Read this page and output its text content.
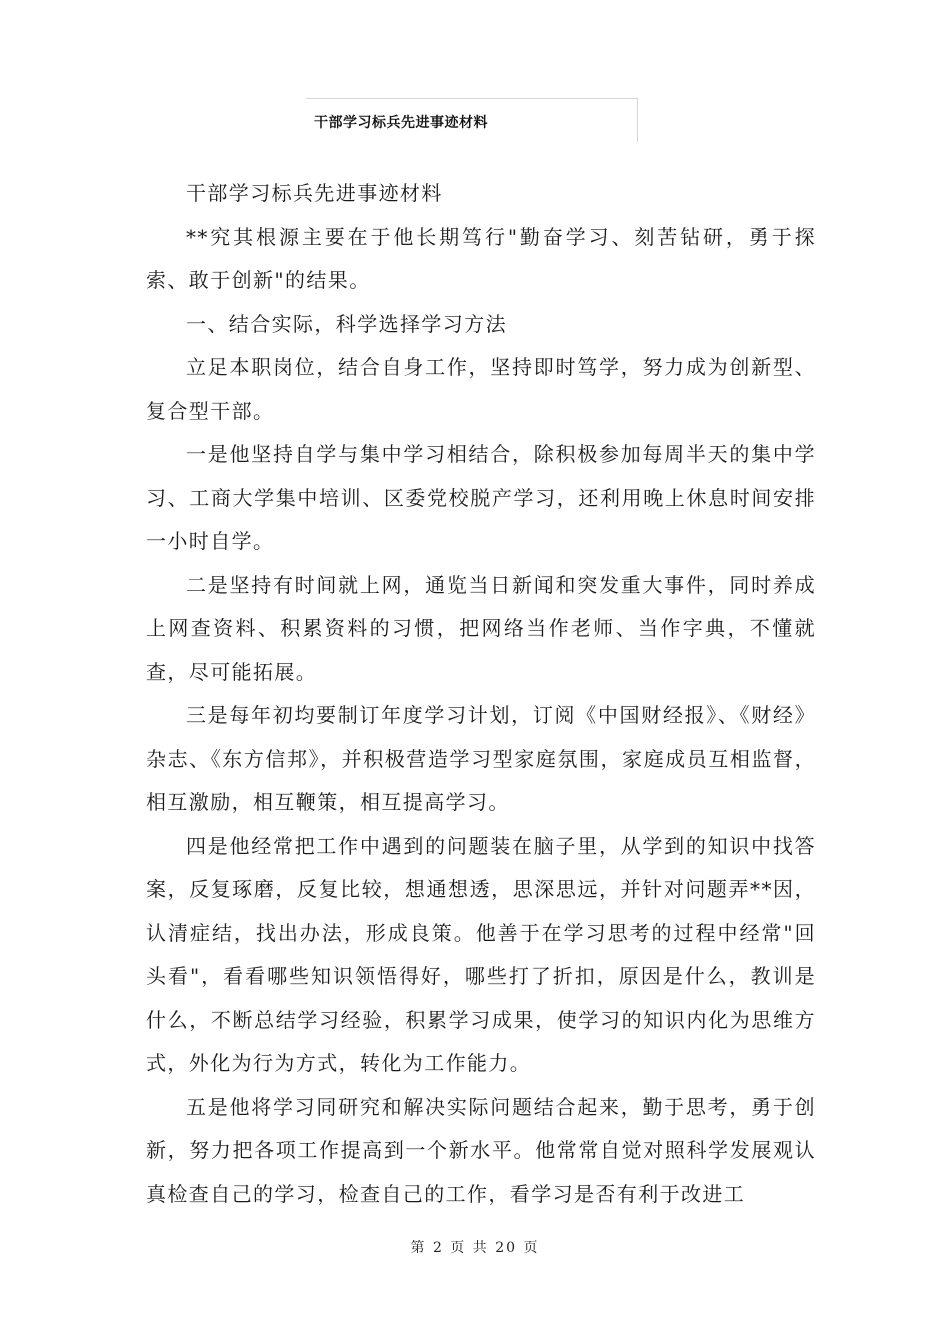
干部学习标兵先进事迹材料

干部学习标兵先进事迹材料

**究其根源主要在于他长期笃行"勤奋学习、刻苦钻研，勇于探索、敢于创新"的结果。

一、结合实际，科学选择学习方法

立足本职岗位，结合自身工作，坚持即时笃学，努力成为创新型、复合型干部。

一是他坚持自学与集中学习相结合，除积极参加每周半天的集中学习、工商大学集中培训、区委党校脱产学习，还利用晚上休息时间安排一小时自学。

二是坚持有时间就上网，通览当日新闻和突发重大事件，同时养成上网查资料、积累资料的习惯，把网络当作老师、当作字典，不懂就查，尽可能拓展。

三是每年初均要制订年度学习计划，订阅《中国财经报》、《财经》杂志、《东方信邦》，并积极营造学习型家庭氛围，家庭成员互相监督，相互激励，相互鞭策，相互提高学习。

四是他经常把工作中遇到的问题装在脑子里，从学到的知识中找答案，反复琢磨，反复比较，想通想透，思深思远，并针对问题弄**因，认清症结，找出办法，形成良策。他善于在学习思考的过程中经常"回头看"，看看哪些知识领悟得好，哪些打了折扣，原因是什么，教训是什么，不断总结学习经验，积累学习成果，使学习的知识内化为思维方式，外化为行为方式，转化为工作能力。

五是他将学习同研究和解决实际问题结合起来，勤于思考，勇于创新，努力把各项工作提高到一个新水平。他常常自觉对照科学发展观认真检查自己的学习，检查自己的工作，看学习是否有利于改进工

第 2 页 共 20 页
